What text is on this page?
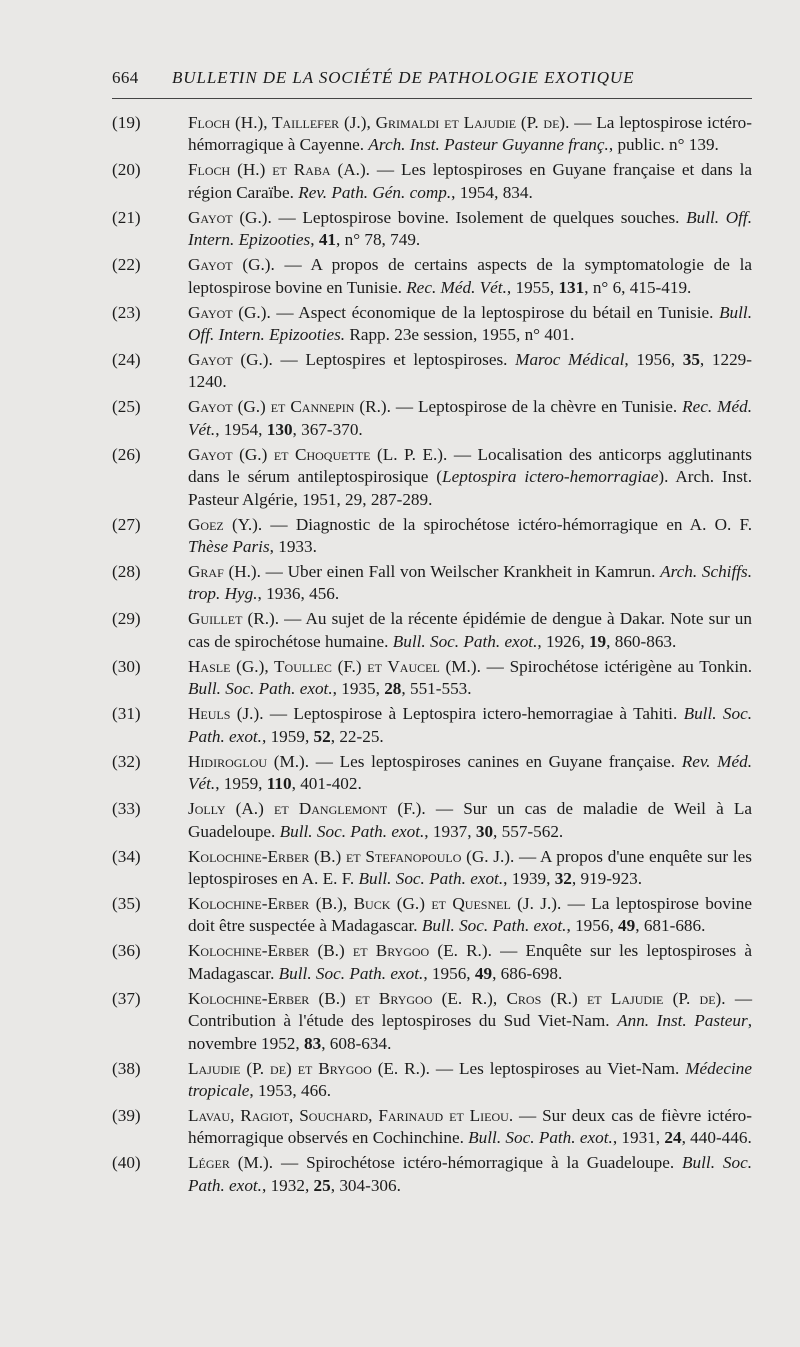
664 BULLETIN DE LA SOCIÉTÉ DE PATHOLOGIE EXOTIQUE

(19)	Floch (H.), Taillefer (J.), Grimaldi et Lajudie (P. de). — La leptospirose ictéro-hémorragique à Cayenne. Arch. Inst. Pasteur Guyanne franç., public. n° 139.

(20)	Floch (H.) et Raba (A.). — Les leptospiroses en Guyane française et dans la région Caraïbe. Rev. Path. Gén. comp., 1954, 834.

(21)	Gayot (G.). — Leptospirose bovine. Isolement de quelques souches. Bull. Off. Intern. Epizooties, 41, n° 78, 749.

(22)	Gayot (G.). — A propos de certains aspects de la symptomatologie de la leptospirose bovine en Tunisie. Rec. Méd. Vét., 1955, 131, n° 6, 415-419.

(23)	Gayot (G.). — Aspect économique de la leptospirose du bétail en Tunisie. Bull. Off. Intern. Epizooties. Rapp. 23e session, 1955, n° 401.

(24)	Gayot (G.). — Leptospires et leptospiroses. Maroc Médical, 1956, 35, 1229-1240.

(25)	Gayot (G.) et Cannepin (R.). — Leptospirose de la chèvre en Tunisie. Rec. Méd. Vét., 1954, 130, 367-370.

(26)	Gayot (G.) et Choquette (L. P. E.). — Localisation des anticorps agglutinants dans le sérum antileptospirosique (Leptospira ictero-hemorragiae). Arch. Inst. Pasteur Algérie, 1951, 29, 287-289.

(27)	Goez (Y.). — Diagnostic de la spirochétose ictéro-hémorragique en A. O. F. Thèse Paris, 1933.

(28)	Graf (H.). — Uber einen Fall von Weilscher Krankheit in Kamrun. Arch. Schiffs. trop. Hyg., 1936, 456.

(29)	Guillet (R.). — Au sujet de la récente épidémie de dengue à Dakar. Note sur un cas de spirochétose humaine. Bull. Soc. Path. exot., 1926, 19, 860-863.

(30)	Hasle (G.), Toullec (F.) et Vaucel (M.). — Spirochétose ictérigène au Tonkin. Bull. Soc. Path. exot., 1935, 28, 551-553.

(31)	Heuls (J.). — Leptospirose à Leptospira ictero-hemorragiae à Tahiti. Bull. Soc. Path. exot., 1959, 52, 22-25.

(32)	Hidiroglou (M.). — Les leptospiroses canines en Guyane française. Rev. Méd. Vét., 1959, 110, 401-402.

(33)	Jolly (A.) et Danglemont (F.). — Sur un cas de maladie de Weil à La Guadeloupe. Bull. Soc. Path. exot., 1937, 30, 557-562.

(34)	Kolochine-Erber (B.) et Stefanopoulo (G. J.). — A propos d'une enquête sur les leptospiroses en A. E. F. Bull. Soc. Path. exot., 1939, 32, 919-923.

(35)	Kolochine-Erber (B.), Buck (G.) et Quesnel (J. J.). — La leptospirose bovine doit être suspectée à Madagascar. Bull. Soc. Path. exot., 1956, 49, 681-686.

(36)	Kolochine-Erber (B.) et Brygoo (E. R.). — Enquête sur les leptospiroses à Madagascar. Bull. Soc. Path. exot., 1956, 49, 686-698.

(37)	Kolochine-Erber (B.) et Brygoo (E. R.), Cros (R.) et Lajudie (P. de). — Contribution à l'étude des leptospiroses du Sud Viet-Nam. Ann. Inst. Pasteur, novembre 1952, 83, 608-634.

(38)	Lajudie (P. de) et Brygoo (E. R.). — Les leptospiroses au Viet-Nam. Médecine tropicale, 1953, 466.

(39)	Lavau, Ragiot, Souchard, Farinaud et Lieou. — Sur deux cas de fièvre ictéro-hémorragique observés en Cochinchine. Bull. Soc. Path. exot., 1931, 24, 440-446.

(40)	Léger (M.). — Spirochétose ictéro-hémorragique à la Guadeloupe. Bull. Soc. Path. exot., 1932, 25, 304-306.
